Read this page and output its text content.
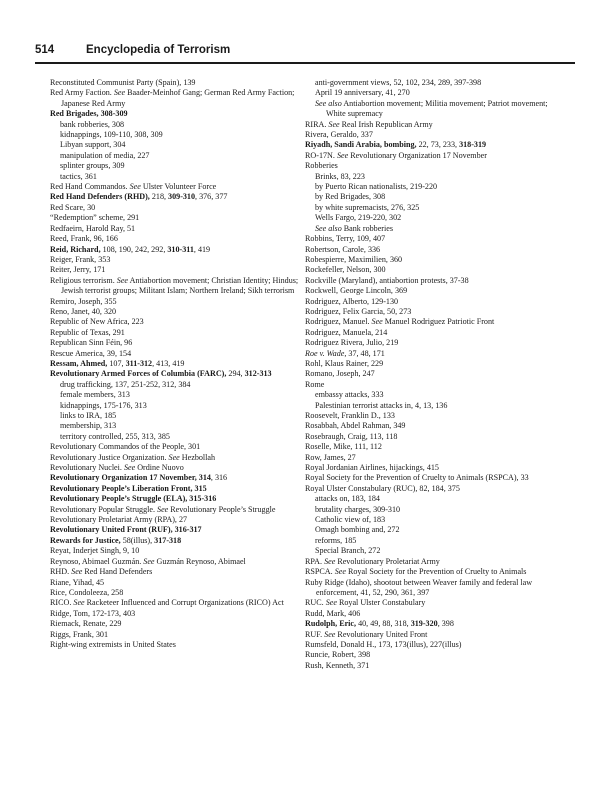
514	Encyclopedia of Terrorism

Reconstituted Communist Party (Spain), 139

Red Army Faction. See Baader-Meinhof Gang; German Red Army Faction; Japanese Red Army

Red Brigades, 308-309

bank robberies, 308

kidnappings, 109-110, 308, 309

Libyan support, 304

manipulation of media, 227

splinter groups, 309

tactics, 361

Red Hand Commandos. See Ulster Volunteer Force

Red Hand Defenders (RHD), 218, 309-310, 376, 377

Red Scare, 30

“Redemption” scheme, 291

Redfaeirn, Harold Ray, 51

Reed, Frank, 96, 166

Reid, Richard, 108, 190, 242, 292, 310-311, 419

Reiger, Frank, 353

Reiter, Jerry, 171

Religious terrorism. See Antiabortion movement; Christian Identity; Hindus; Jewish terrorist groups; Militant Islam; Northern Ireland; Sikh terrorism

Remiro, Joseph, 355

Reno, Janet, 40, 320

Republic of New Africa, 223

Republic of Texas, 291

Republican Sinn Féin, 96

Rescue America, 39, 154

Ressam, Ahmed, 107, 311-312, 413, 419

Revolutionary Armed Forces of Columbia (FARC), 294, 312-313

drug trafficking, 137, 251-252, 312, 384

female members, 313

kidnappings, 175-176, 313

links to IRA, 185

membership, 313

territory controlled, 255, 313, 385

Revolutionary Commandos of the People, 301

Revolutionary Justice Organization. See Hezbollah

Revolutionary Nuclei. See Ordine Nuovo

Revolutionary Organization 17 November, 314, 316

Revolutionary People’s Liberation Front, 315

Revolutionary People’s Struggle (ELA), 315-316

Revolutionary Popular Struggle. See Revolutionary People’s Struggle

Revolutionary Proletariat Army (RPA), 27

Revolutionary United Front (RUF), 316-317

Rewards for Justice, 58(illus), 317-318

Reyat, Inderjet Singh, 9, 10

Reynoso, Abimael Guzmán. See Guzmán Reynoso, Abimael

RHD. See Red Hand Defenders

Riane, Yihad, 45

Rice, Condoleeza, 258

RICO. See Racketeer Influenced and Corrupt Organizations (RICO) Act

Ridge, Tom, 172-173, 403

Riemack, Renate, 229

Riggs, Frank, 301

Right-wing extremists in United States

anti-government views, 52, 102, 234, 289, 397-398

April 19 anniversary, 41, 270

See also Antiabortion movement; Militia movement; Patriot movement; White supremacy

RIRA. See Real Irish Republican Army

Rivera, Geraldo, 337

Riyadh, Sandi Arabia, bombing, 22, 73, 233, 318-319

RO-17N. See Revolutionary Organization 17 November

Robberies

Brinks, 83, 223

by Puerto Rican nationalists, 219-220

by Red Brigades, 308

by white supremacists, 276, 325

Wells Fargo, 219-220, 302

See also Bank robberies

Robbins, Terry, 109, 407

Robertson, Carole, 336

Robespierre, Maximilien, 360

Rockefeller, Nelson, 300

Rockville (Maryland), antiabortion protests, 37-38

Rockwell, George Lincoln, 369

Rodriguez, Alberto, 129-130

Rodriguez, Felix Garcia, 50, 273

Rodriguez, Manuel. See Manuel Rodriguez Patriotic Front

Rodriguez, Manuela, 214

Rodriguez Rivera, Julio, 219

Roe v. Wade, 37, 48, 171

Rohl, Klaus Rainer, 229

Romano, Joseph, 247

Rome

embassy attacks, 333

Palestinian terrorist attacks in, 4, 13, 136

Roosevelt, Franklin D., 133

Rosabbah, Abdel Rahman, 349

Rosebraugh, Craig, 113, 118

Roselle, Mike, 111, 112

Row, James, 27

Royal Jordanian Airlines, hijackings, 415

Royal Society for the Prevention of Cruelty to Animals (RSPCA), 33

Royal Ulster Constabulary (RUC), 82, 184, 375

attacks on, 183, 184

brutality charges, 309-310

Catholic view of, 183

Omagh bombing and, 272

reforms, 185

Special Branch, 272

RPA. See Revolutionary Proletariat Army

RSPCA. See Royal Society for the Prevention of Cruelty to Animals

Ruby Ridge (Idaho), shootout between Weaver family and federal law enforcement, 41, 52, 290, 361, 397

RUC. See Royal Ulster Constabulary

Rudd, Mark, 406

Rudolph, Eric, 40, 49, 88, 318, 319-320, 398

RUF. See Revolutionary United Front

Rumsfeld, Donald H., 173, 173(illus), 227(illus)

Runcie, Robert, 398

Rush, Kenneth, 371
